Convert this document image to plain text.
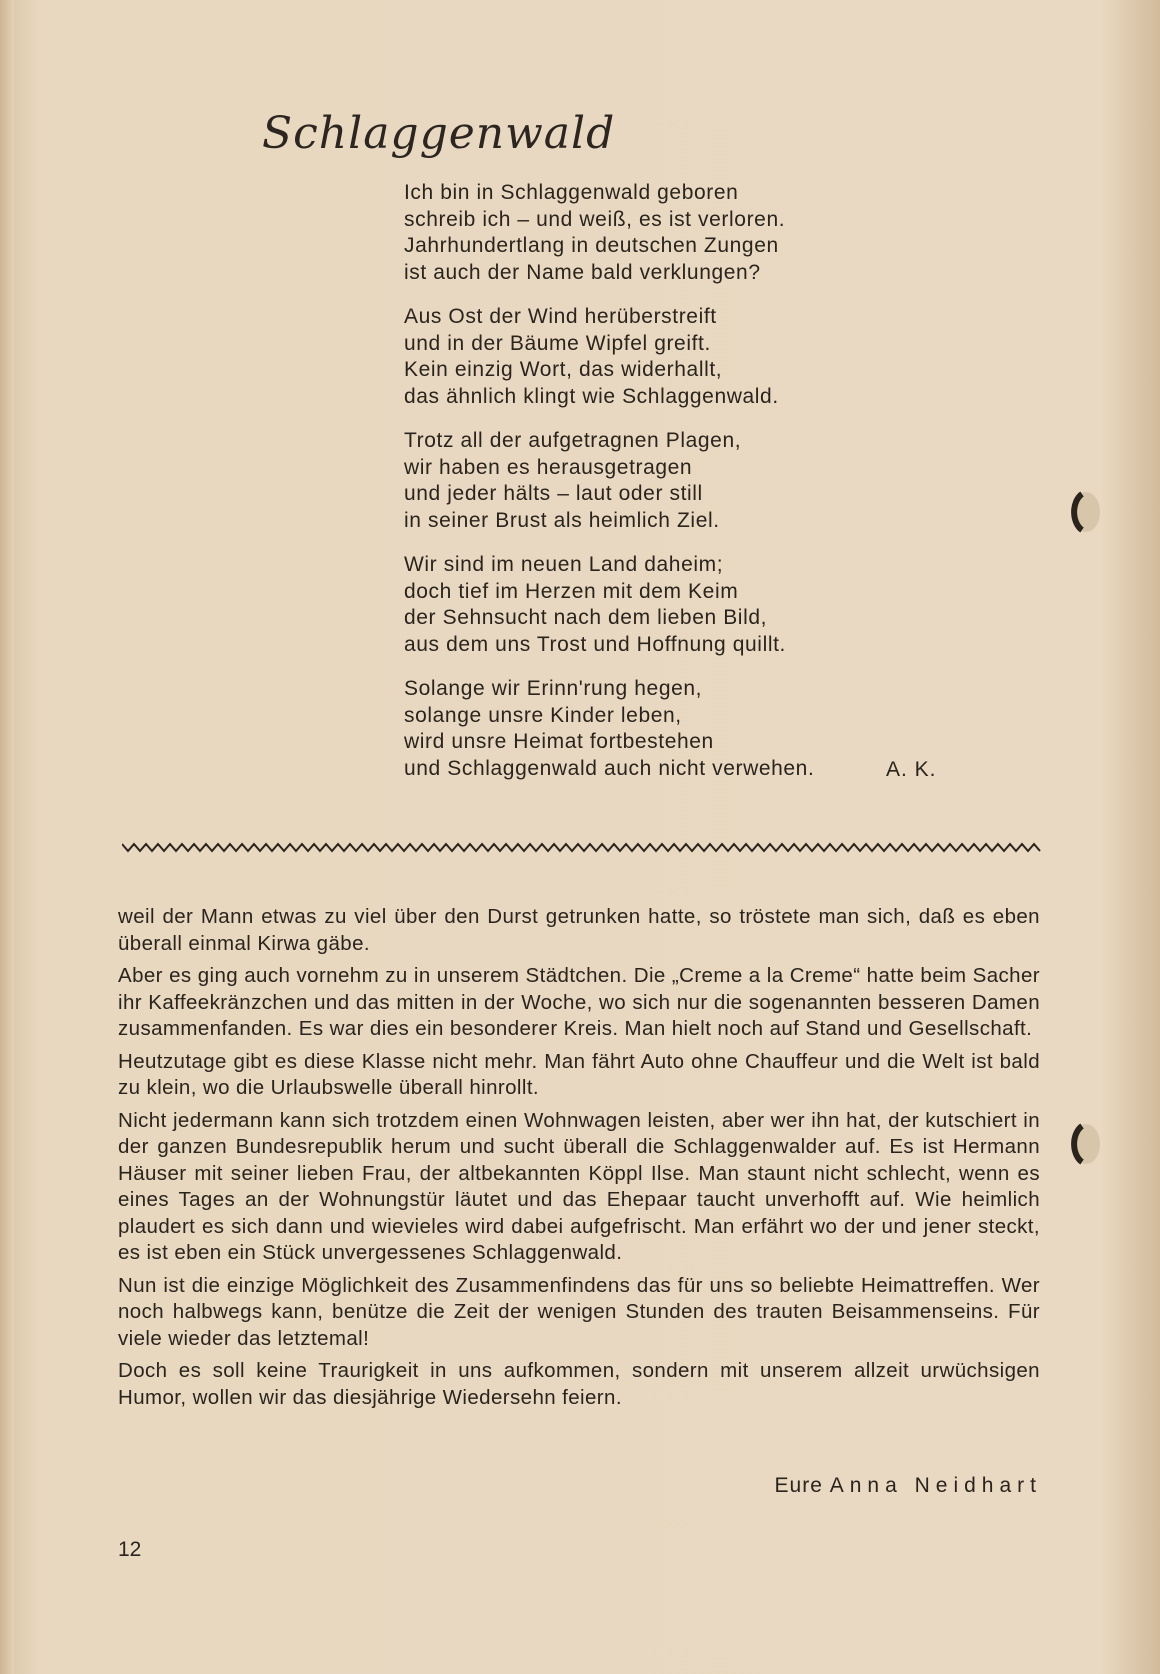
Schlaggenwald
Ich bin in Schlaggenwald geboren
schreib ich – und weiß, es ist verloren.
Jahrhundertlang in deutschen Zungen
ist auch der Name bald verklungen?
Aus Ost der Wind herüberstreift
und in der Bäume Wipfel greift.
Kein einzig Wort, das widerhallt,
das ähnlich klingt wie Schlaggenwald.
Trotz all der aufgetragnen Plagen,
wir haben es herausgetragen
und jeder hälts – laut oder still
in seiner Brust als heimlich Ziel.
Wir sind im neuen Land daheim;
doch tief im Herzen mit dem Keim
der Sehnsucht nach dem lieben Bild,
aus dem uns Trost und Hoffnung quillt.
Solange wir Erinn'rung hegen,
solange unsre Kinder leben,
wird unsre Heimat fortbestehen
und Schlaggenwald auch nicht verwehen.	A. K.

weil der Mann etwas zu viel über den Durst getrunken hatte, so tröstete man sich, daß es eben überall einmal Kirwa gäbe.

Aber es ging auch vornehm zu in unserem Städtchen. Die „Creme a la Creme“ hatte beim Sacher ihr Kaffeekränzchen und das mitten in der Woche, wo sich nur die sogenannten besseren Damen zusammenfanden. Es war dies ein besonderer Kreis. Man hielt noch auf Stand und Gesellschaft.

Heutzutage gibt es diese Klasse nicht mehr. Man fährt Auto ohne Chauffeur und die Welt ist bald zu klein, wo die Urlaubswelle überall hinrollt.

Nicht jedermann kann sich trotzdem einen Wohnwagen leisten, aber wer ihn hat, der kutschiert in der ganzen Bundesrepublik herum und sucht überall die Schlaggenwalder auf. Es ist Hermann Häuser mit seiner lieben Frau, der altbekannten Köppl Ilse. Man staunt nicht schlecht, wenn es eines Tages an der Wohnungstür läutet und das Ehepaar taucht unverhofft auf. Wie heimlich plaudert es sich dann und wievieles wird dabei aufgefrischt. Man erfährt wo der und jener steckt, es ist eben ein Stück unvergessenes Schlaggenwald.

Nun ist die einzige Möglichkeit des Zusammenfindens das für uns so beliebte Heimattreffen. Wer noch halbwegs kann, benütze die Zeit der wenigen Stunden des trauten Beisammenseins. Für viele wieder das letztemal!

Doch es soll keine Traurigkeit in uns aufkommen, sondern mit unserem allzeit urwüchsigen Humor, wollen wir das diesjährige Wiedersehn feiern.

Eure Anna Neidhart
12
